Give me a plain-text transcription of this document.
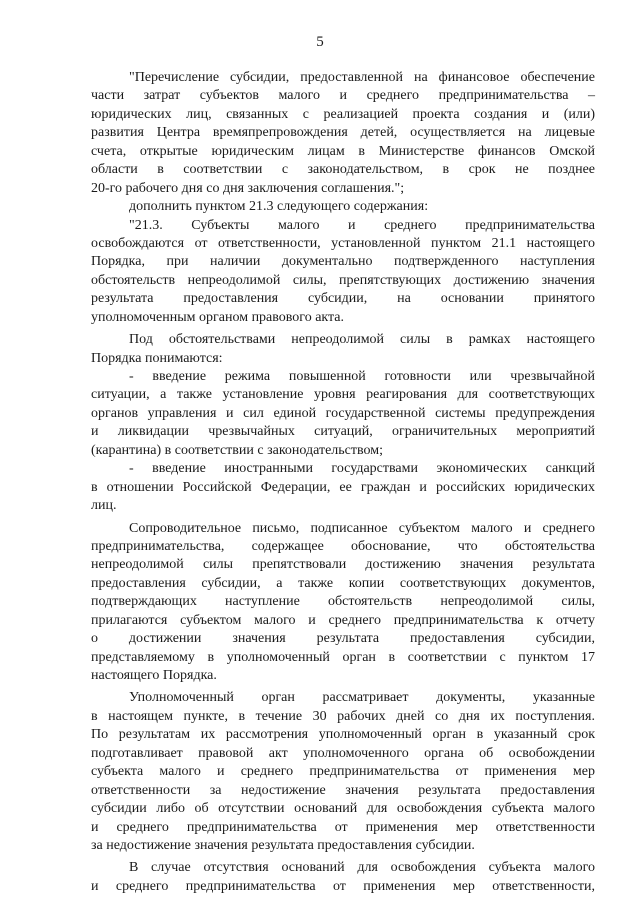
5
"Перечисление субсидии, предоставленной на финансовое обеспечение
части затрат субъектов малого и среднего предпринимательства –
юридических лиц, связанных с реализацией проекта создания и (или)
развития Центра времяпрепровождения детей, осуществляется на лицевые
счета, открытые юридическим лицам в Министерстве финансов Омской
области в соответствии с законодательством, в срок не позднее
20-го рабочего дня со дня заключения соглашения.";
дополнить пунктом 21.3 следующего содержания:
"21.3. Субъекты малого и среднего предпринимательства
освобождаются от ответственности, установленной пунктом 21.1 настоящего
Порядка, при наличии документально подтвержденного наступления
обстоятельств непреодолимой силы, препятствующих достижению значения
результата предоставления субсидии, на основании принятого
уполномоченным органом правового акта.
Под обстоятельствами непреодолимой силы в рамках настоящего
Порядка понимаются:
- введение режима повышенной готовности или чрезвычайной
ситуации, а также установление уровня реагирования для соответствующих
органов управления и сил единой государственной системы предупреждения
и ликвидации чрезвычайных ситуаций, ограничительных мероприятий
(карантина) в соответствии с законодательством;
- введение иностранными государствами экономических санкций
в отношении Российской Федерации, ее граждан и российских юридических
лиц.
Сопроводительное письмо, подписанное субъектом малого и среднего
предпринимательства, содержащее обоснование, что обстоятельства
непреодолимой силы препятствовали достижению значения результата
предоставления субсидии, а также копии соответствующих документов,
подтверждающих наступление обстоятельств непреодолимой силы,
прилагаются субъектом малого и среднего предпринимательства к отчету
о достижении значения результата предоставления субсидии,
представляемому в уполномоченный орган в соответствии с пунктом 17
настоящего Порядка.
Уполномоченный орган рассматривает документы, указанные
в настоящем пункте, в течение 30 рабочих дней со дня их поступления.
По результатам их рассмотрения уполномоченный орган в указанный срок
подготавливает правовой акт уполномоченного органа об освобождении
субъекта малого и среднего предпринимательства от применения мер
ответственности за недостижение значения результата предоставления
субсидии либо об отсутствии оснований для освобождения субъекта малого
и среднего предпринимательства от применения мер ответственности
за недостижение значения результата предоставления субсидии.
В случае отсутствия оснований для освобождения субъекта малого
и среднего предпринимательства от применения мер ответственности,
